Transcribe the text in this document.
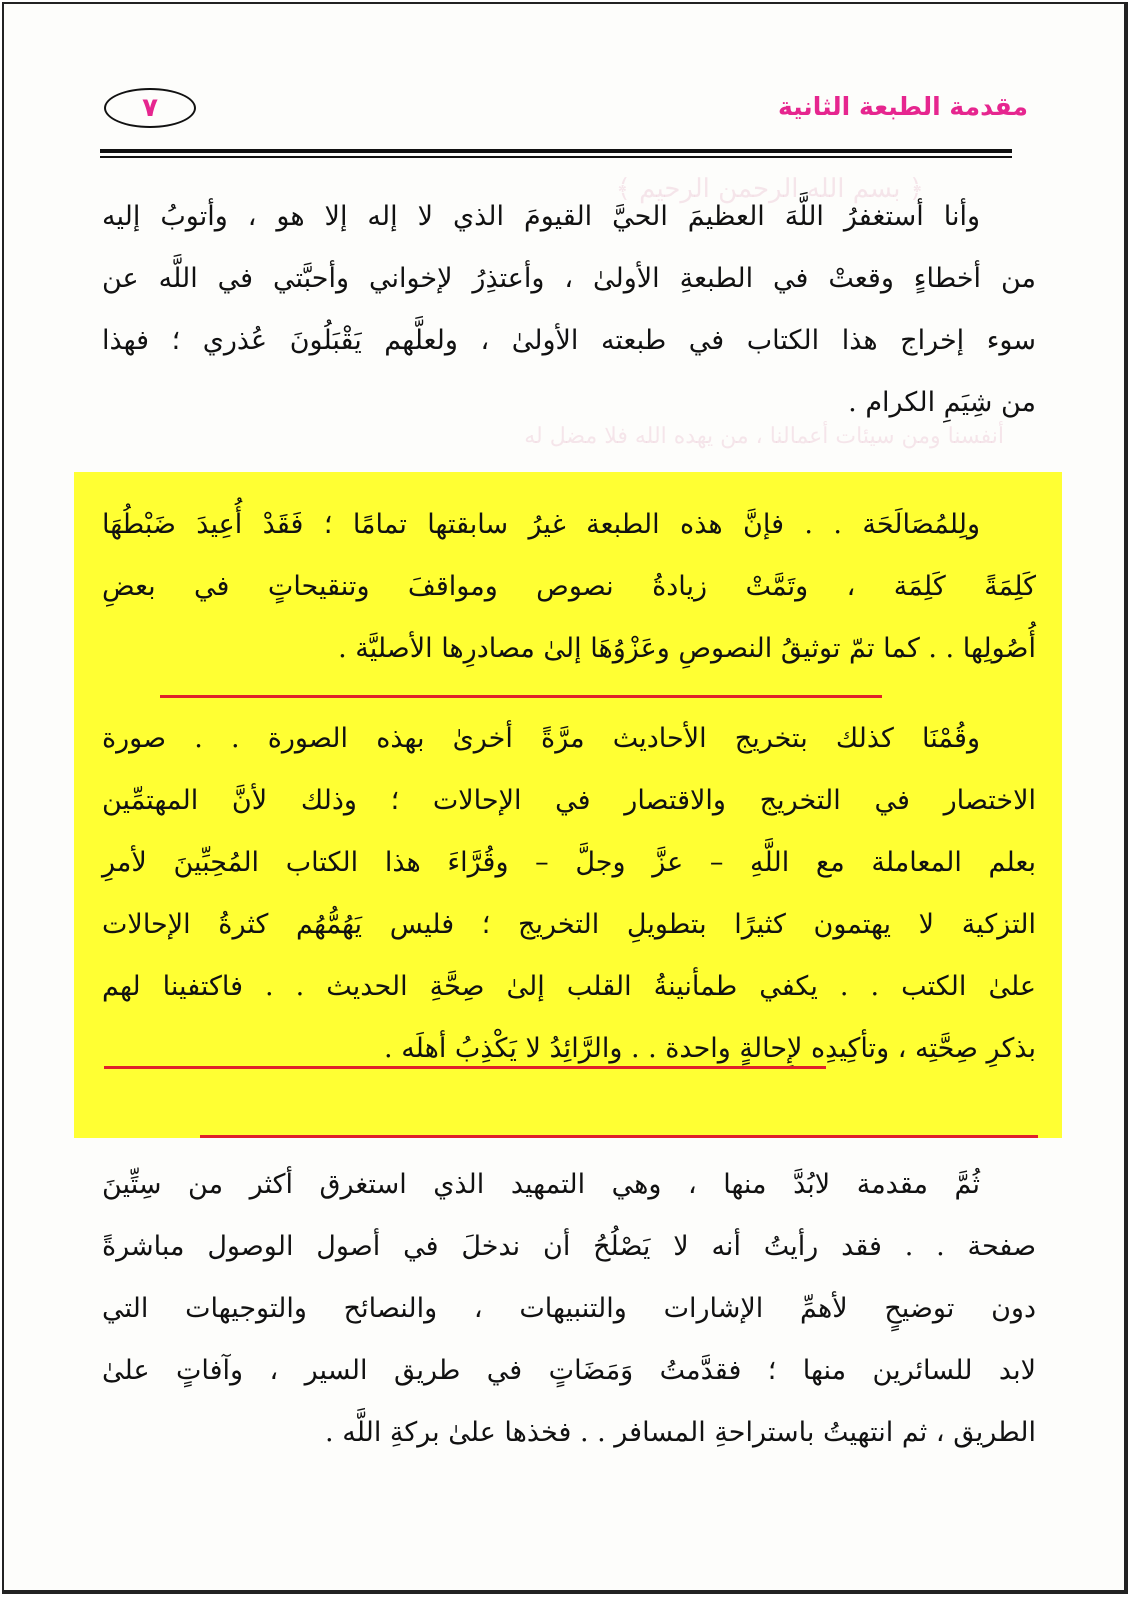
﴿ بسم الله الرحمن الرحيم ﴾
أنفسنا ومن سيئات أعمالنا ، من يهده الله فلا مضل له
مقدمة الطبعة الثانية
٧
وأنا أستغفرُ اللَّهَ العظيمَ الحيَّ القيومَ الذي لا إله إلا هو ، وأتوبُ إليه
من أخطاءٍ وقعتْ في الطبعةِ الأولىٰ ، وأعتذِرُ لإخواني وأحبَّتي في اللَّه عن
سوء إخراج هذا الكتاب في طبعته الأولىٰ ، ولعلَّهم يَقْبَلُونَ عُذري ؛ فهذا
من شِيَمِ الكرام .
ولِلمُصَالَحَة . . فإنَّ هذه الطبعة غيرُ سابقتها تمامًا ؛ فَقَدْ أُعِيدَ ضَبْطُهَا
كَلِمَةً كَلِمَة ، وتَمَّتْ زيادةُ نصوص ومواقفَ وتنقيحاتٍ في بعضِ
أُصُولِها . . كما تمّ توثيقُ النصوصِ وعَزْوُهَا إلىٰ مصادرِها الأصليَّة .
وقُمْنَا كذلك بتخريج الأحاديث مرَّةً أخرىٰ بهذه الصورة . . صورة
الاختصار في التخريج والاقتصار في الإحالات ؛ وذلك لأنَّ المهتمِّين
بعلم المعاملة مع اللَّهِ – عزَّ وجلَّ – وقُرَّاءَ هذا الكتاب المُحِبِّينَ لأمرِ
التزكية لا يهتمون كثيرًا بتطويلِ التخريج ؛ فليس يَهُمُّهُم كثرةُ الإحالات
علىٰ الكتب . . يكفي طمأنينةُ القلب إلىٰ صِحَّةِ الحديث . . فاكتفينا لهم
بذكرِ صِحَّتِه ، وتأكِيدِه لإِحالةٍ واحدة . . والرَّائِدُ لا يَكْذِبُ أهلَه .
ثُمَّ مقدمة لابُدَّ منها ، وهي التمهيد الذي استغرق أكثر من سِتِّينَ
صفحة . . فقد رأيتُ أنه لا يَصْلُحُ أن ندخلَ في أصول الوصول مباشرةً
دون توضيحٍ لأهمِّ الإشارات والتنبيهات ، والنصائح والتوجيهات التي
لابد للسائرين منها ؛ فقدَّمتُ وَمَضَاتٍ في طريق السير ، وآفاتٍ علىٰ
الطريق ، ثم انتهيتُ باستراحةِ المسافر . . فخذها علىٰ بركةِ اللَّه .
